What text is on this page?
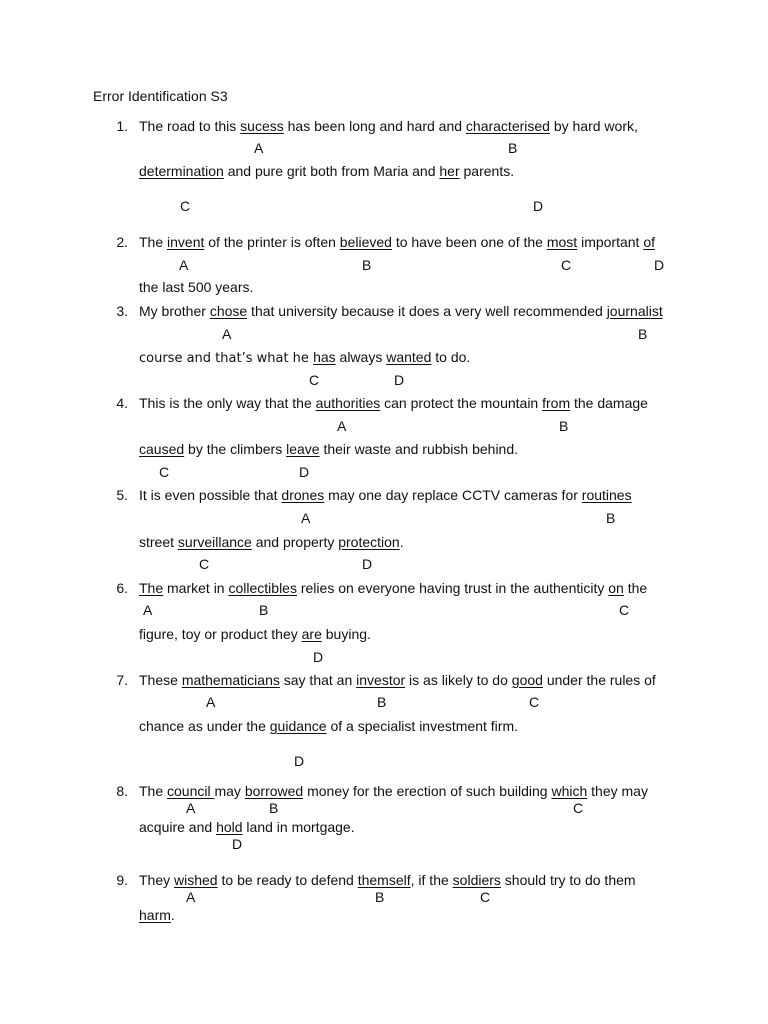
Error Identification S3
1. The road to this sucess has been long and hard and characterised by hard work,
A	B
determination and pure grit both from Maria and her parents.
C	D
2. The invent of the printer is often believed to have been one of the most important of
A	B	C	D
the last 500 years.
3. My brother chose that university because it does a very well recommended journalist
A	B
course and that’s what he has always wanted to do.
C	D
4. This is the only way that the authorities can protect the mountain from the damage
A	B
caused by the climbers leave their waste and rubbish behind.
C	D
5. It is even possible that drones may one day replace CCTV cameras for routines
A	B
street surveillance and property protection.
C	D
6. The market in collectibles relies on everyone having trust in the authenticity on the
A	B	C
figure, toy or product they are buying.
D
7. These mathematicians say that an investor is as likely to do good under the rules of
A	B	C
chance as under the guidance of a specialist investment firm.
D
8. The council may borrowed money for the erection of such building which they may
A	B	C
acquire and hold land in mortgage.
D
9. They wished to be ready to defend themself, if the soldiers should try to do them
A	B	C
harm.
